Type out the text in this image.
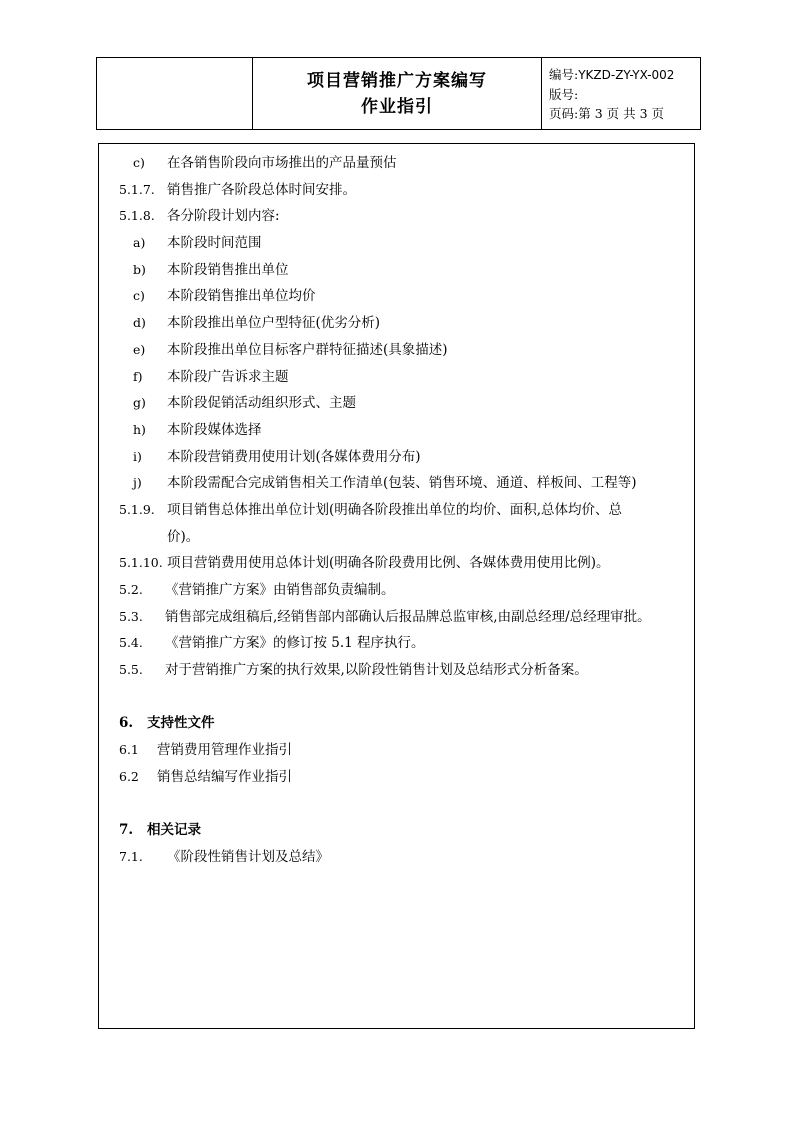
项目营销推广方案编写
作业指引

编号:YKZD-ZY-YX-002
版号:
页码:第 3 页 共 3 页
c) 在各销售阶段向市场推出的产品量预估
5.1.7. 销售推广各阶段总体时间安排。
5.1.8. 各分阶段计划内容:
a) 本阶段时间范围
b) 本阶段销售推出单位
c) 本阶段销售推出单位均价
d) 本阶段推出单位户型特征(优劣分析)
e) 本阶段推出单位目标客户群特征描述(具象描述)
f) 本阶段广告诉求主题
g) 本阶段促销活动组织形式、主题
h) 本阶段媒体选择
i) 本阶段营销费用使用计划(各媒体费用分布)
j) 本阶段需配合完成销售相关工作清单(包装、销售环境、通道、样板间、工程等)
5.1.9. 项目销售总体推出单位计划(明确各阶段推出单位的均价、面积,总体均价、总
价)。
5.1.10. 项目营销费用使用总体计划(明确各阶段费用比例、各媒体费用使用比例)。
5.2. 《营销推广方案》由销售部负责编制。
5.3. 销售部完成组稿后,经销售部内部确认后报品牌总监审核,由副总经理/总经理审批。
5.4. 《营销推广方案》的修订按 5.1 程序执行。
5.5. 对于营销推广方案的执行效果,以阶段性销售计划及总结形式分析备案。
6. 支持性文件
6.1 营销费用管理作业指引
6.2 销售总结编写作业指引
7. 相关记录
7.1. 《阶段性销售计划及总结》
